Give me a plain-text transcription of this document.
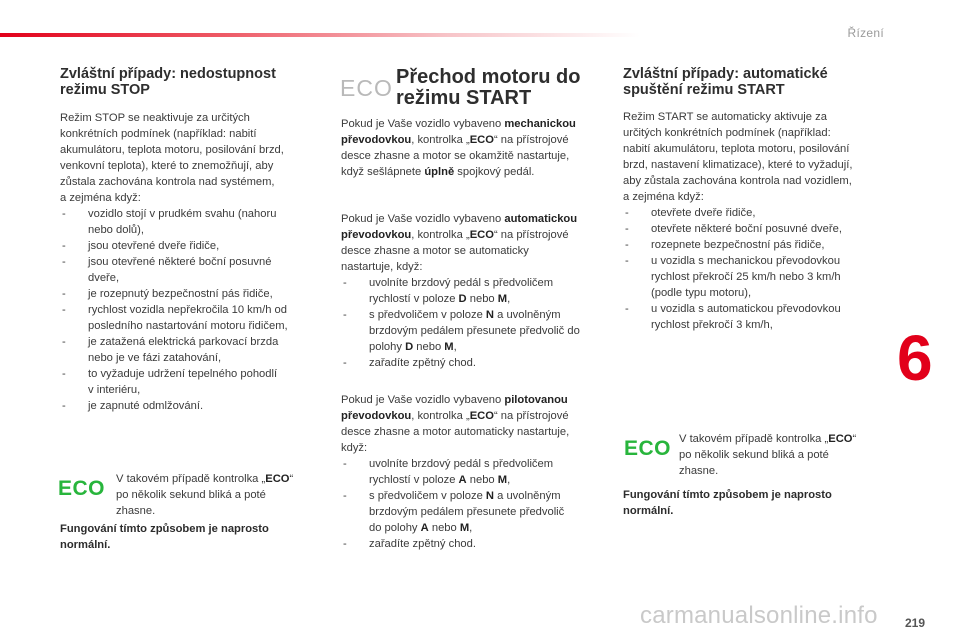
Řízení
Zvláštní případy: nedostupnost
režimu STOP

Režim STOP se neaktivuje za určitých
konkrétních podmínek (například: nabití
akumulátoru, teplota motoru, posilování brzd,
venkovní teplota), které to znemožňují, aby
zůstala zachována kontrola nad systémem,
a zejména když:

- vozidlo stojí v prudkém svahu (nahoru
nebo dolů),
- jsou otevřené dveře řidiče,
- jsou otevřené některé boční posuvné
dveře,
- je rozepnutý bezpečnostní pás řidiče,
- rychlost vozidla nepřekročila 10 km/h od
posledního nastartování motoru řidičem,
- je zatažená elektrická parkovací brzda
nebo je ve fázi zatahování,
- to vyžaduje udržení tepelného pohodlí
v interiéru,
- je zapnuté odmlžování.
ECO V takovém případě kontrolka „ECO“
po několik sekund bliká a poté
zhasne.
Fungování tímto způsobem je naprosto
normální.
ECO Přechod motoru do
režimu START
Pokud je Vaše vozidlo vybaveno mechanickou
převodovkou, kontrolka „ECO“ na přístrojové
desce zhasne a motor se okamžitě nastartuje,
když sešlápnete úplně spojkový pedál.
Pokud je Vaše vozidlo vybaveno automatickou
převodovkou, kontrolka „ECO“ na přístrojové
desce zhasne a motor se automaticky
nastartuje, když:
- uvolníte brzdový pedál s předvoličem
rychlostí v poloze D nebo M,
- s předvoličem v poloze N a uvolněným
brzdovým pedálem přesunete předvolič do
polohy D nebo M,
- zařadíte zpětný chod.
Pokud je Vaše vozidlo vybaveno pilotovanou
převodovkou, kontrolka „ECO“ na přístrojové
desce zhasne a motor automaticky nastartuje,
když:
- uvolníte brzdový pedál s předvoličem
rychlostí v poloze A nebo M,
- s předvoličem v poloze N a uvolněným
brzdovým pedálem přesunete předvolič
do polohy A nebo M,
- zařadíte zpětný chod.
Zvláštní případy: automatické
spuštění režimu START

Režim START se automaticky aktivuje za
určitých konkrétních podmínek (například:
nabití akumulátoru, teplota motoru, posilování
brzd, nastavení klimatizace), které to vyžadují,
aby zůstala zachována kontrola nad vozidlem,
a zejména když:

- otevřete dveře řidiče,
- otevřete některé boční posuvné dveře,
- rozepnete bezpečnostní pás řidiče,
- u vozidla s mechanickou převodovkou
rychlost překročí 25 km/h nebo 3 km/h
(podle typu motoru),
- u vozidla s automatickou převodovkou
rychlost překročí 3 km/h,
ECO V takovém případě kontrolka „ECO“
po několik sekund bliká a poté
zhasne.
Fungování tímto způsobem je naprosto
normální.
6
carmanualsonline.info 219
